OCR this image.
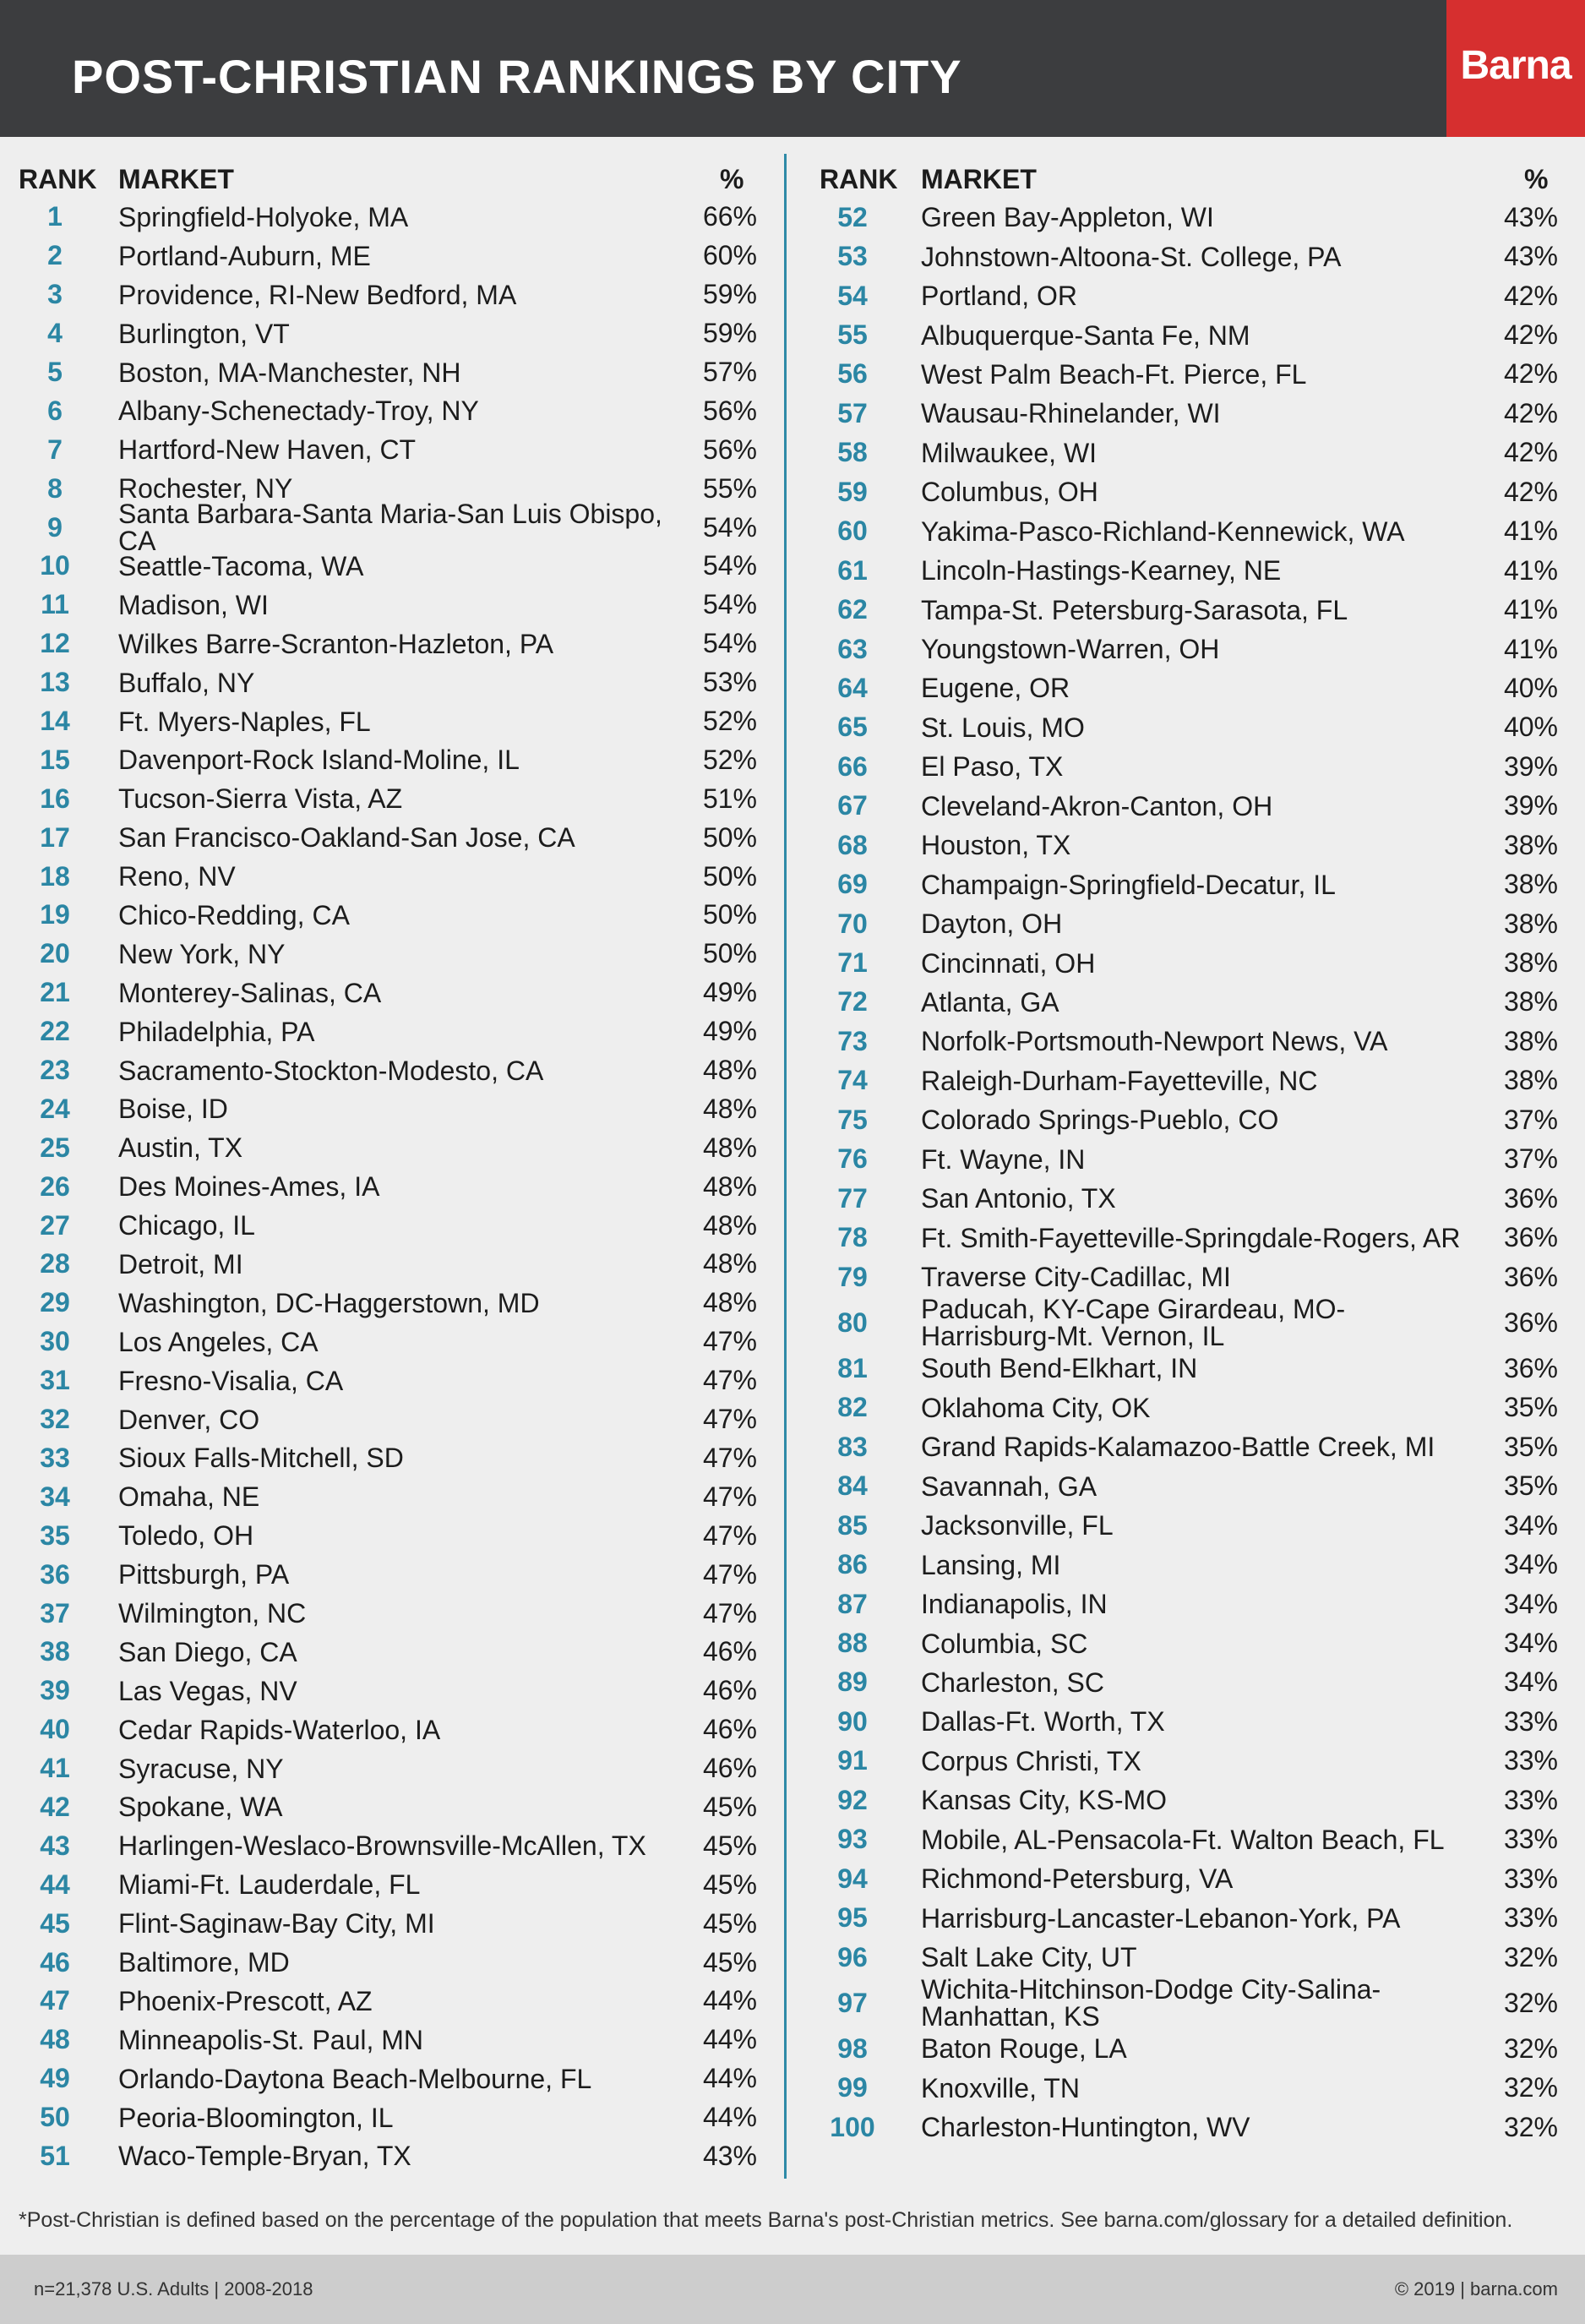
POST-CHRISTIAN RANKINGS BY CITY	Barna
RANK MARKET	%
1	Springfield-Holyoke, MA	66%
2	Portland-Auburn, ME	60%
3	Providence, RI-New Bedford, MA	59%
4	Burlington, VT	59%
5	Boston, MA-Manchester, NH	57%
6	Albany-Schenectady-Troy, NY	56%
7	Hartford-New Haven, CT	56%
8	Rochester, NY	55%
9	Santa Barbara-Santa Maria-San Luis Obispo, CA	54%
10	Seattle-Tacoma, WA	54%
11	Madison, WI	54%
12	Wilkes Barre-Scranton-Hazleton, PA	54%
13	Buffalo, NY	53%
14	Ft. Myers-Naples, FL	52%
15	Davenport-Rock Island-Moline, IL	52%
16	Tucson-Sierra Vista, AZ	51%
17	San Francisco-Oakland-San Jose, CA	50%
18	Reno, NV	50%
19	Chico-Redding, CA	50%
20	New York, NY	50%
21	Monterey-Salinas, CA	49%
22	Philadelphia, PA	49%
23	Sacramento-Stockton-Modesto, CA	48%
24	Boise, ID	48%
25	Austin, TX	48%
26	Des Moines-Ames, IA	48%
27	Chicago, IL	48%
28	Detroit, MI	48%
29	Washington, DC-Haggerstown, MD	48%
30	Los Angeles, CA	47%
31	Fresno-Visalia, CA	47%
32	Denver, CO	47%
33	Sioux Falls-Mitchell, SD	47%
34	Omaha, NE	47%
35	Toledo, OH	47%
36	Pittsburgh, PA	47%
37	Wilmington, NC	47%
38	San Diego, CA	46%
39	Las Vegas, NV	46%
40	Cedar Rapids-Waterloo, IA	46%
41	Syracuse, NY	46%
42	Spokane, WA	45%
43	Harlingen-Weslaco-Brownsville-McAllen, TX	45%
44	Miami-Ft. Lauderdale, FL	45%
45	Flint-Saginaw-Bay City, MI	45%
46	Baltimore, MD	45%
47	Phoenix-Prescott, AZ	44%
48	Minneapolis-St. Paul, MN	44%
49	Orlando-Daytona Beach-Melbourne, FL	44%
50	Peoria-Bloomington, IL	44%
51	Waco-Temple-Bryan, TX	43%
RANK MARKET	%
52	Green Bay-Appleton, WI	43%
53	Johnstown-Altoona-St. College, PA	43%
54	Portland, OR	42%
55	Albuquerque-Santa Fe, NM	42%
56	West Palm Beach-Ft. Pierce, FL	42%
57	Wausau-Rhinelander, WI	42%
58	Milwaukee, WI	42%
59	Columbus, OH	42%
60	Yakima-Pasco-Richland-Kennewick, WA	41%
61	Lincoln-Hastings-Kearney, NE	41%
62	Tampa-St. Petersburg-Sarasota, FL	41%
63	Youngstown-Warren, OH	41%
64	Eugene, OR	40%
65	St. Louis, MO	40%
66	El Paso, TX	39%
67	Cleveland-Akron-Canton, OH	39%
68	Houston, TX	38%
69	Champaign-Springfield-Decatur, IL	38%
70	Dayton, OH	38%
71	Cincinnati, OH	38%
72	Atlanta, GA	38%
73	Norfolk-Portsmouth-Newport News, VA	38%
74	Raleigh-Durham-Fayetteville, NC	38%
75	Colorado Springs-Pueblo, CO	37%
76	Ft. Wayne, IN	37%
77	San Antonio, TX	36%
78	Ft. Smith-Fayetteville-Springdale-Rogers, AR	36%
79	Traverse City-Cadillac, MI	36%
80	Paducah, KY-Cape Girardeau, MO-
Harrisburg-Mt. Vernon, IL	36%
81	South Bend-Elkhart, IN	36%
82	Oklahoma City, OK	35%
83	Grand Rapids-Kalamazoo-Battle Creek, MI	35%
84	Savannah, GA	35%
85	Jacksonville, FL	34%
86	Lansing, MI	34%
87	Indianapolis, IN	34%
88	Columbia, SC	34%
89	Charleston, SC	34%
90	Dallas-Ft. Worth, TX	33%
91	Corpus Christi, TX	33%
92	Kansas City, KS-MO	33%
93	Mobile, AL-Pensacola-Ft. Walton Beach, FL	33%
94	Richmond-Petersburg, VA	33%
95	Harrisburg-Lancaster-Lebanon-York, PA	33%
96	Salt Lake City, UT	32%
97	Wichita-Hitchinson-Dodge City-Salina-
Manhattan, KS	32%
98	Baton Rouge, LA	32%
99	Knoxville, TN	32%
100	Charleston-Huntington, WV	32%
*Post-Christian is defined based on the percentage of the population that meets Barna's post-Christian metrics. See barna.com/glossary for a detailed definition.
n=21,378 U.S. Adults | 2008-2018	© 2019 | barna.com
